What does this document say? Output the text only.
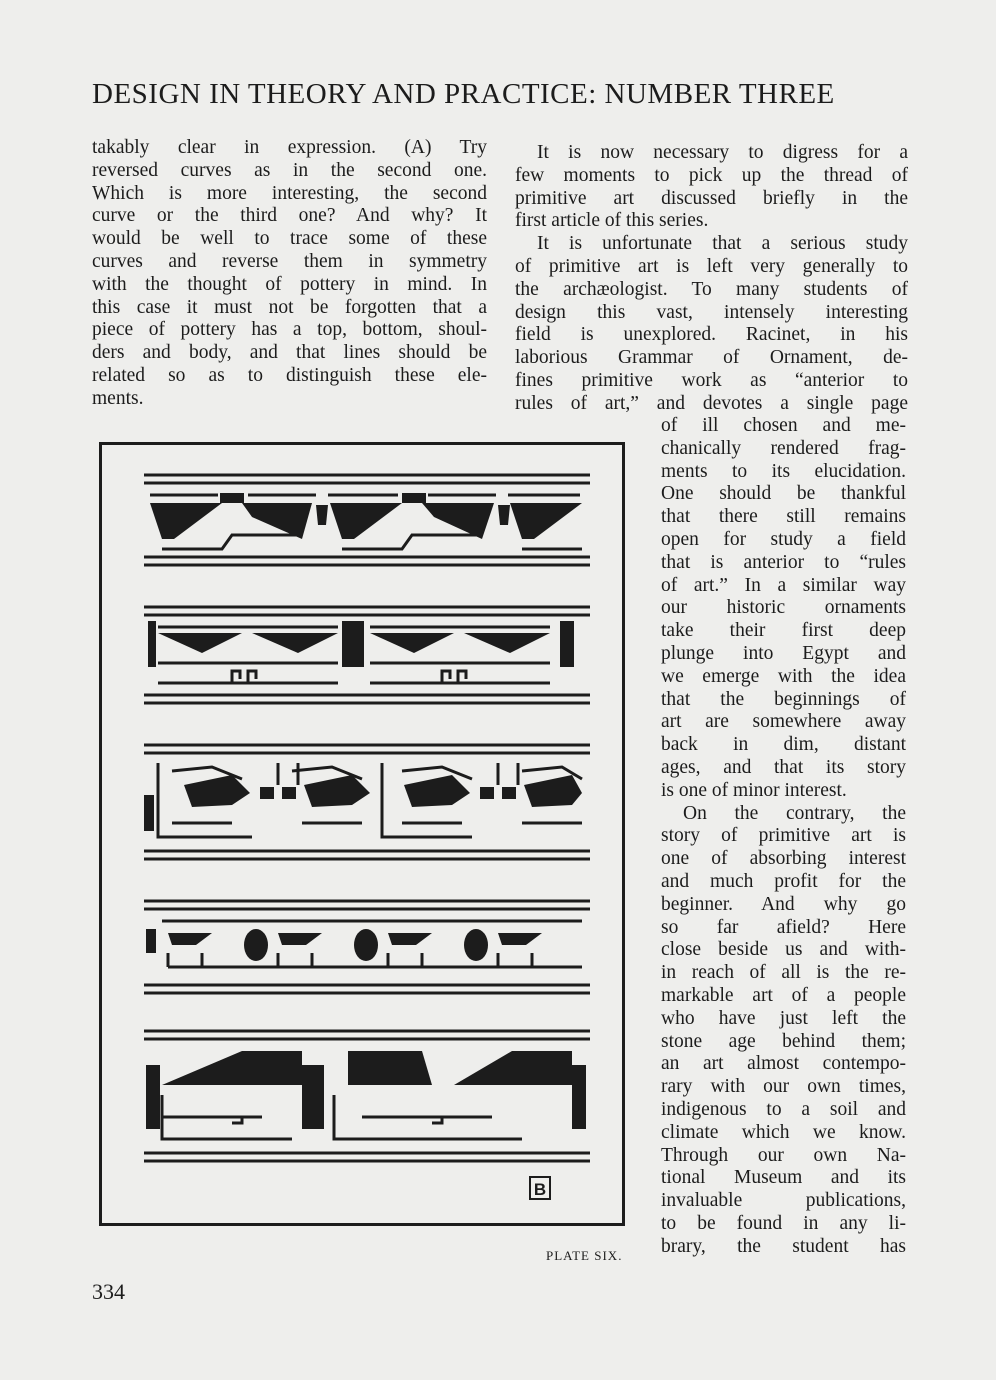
DESIGN IN THEORY AND PRACTICE: NUMBER THREE

takably clear in expression. (A) Try

reversed curves as in the second one.

Which is more interesting, the second

curve or the third one? And why? It

would be well to trace some of these

curves and reverse them in symmetry

with the thought of pottery in mind. In

this case it must not be forgotten that a

piece of pottery has a top, bottom, shoul-

ders and body, and that lines should be

related so as to distinguish these ele-

ments.

It is now necessary to digress for a

few moments to pick up the thread of

primitive art discussed briefly in the

first article of this series.

It is unfortunate that a serious study

of primitive art is left very generally to

the archæologist. To many students of

design this vast, intensely interesting

field is unexplored. Racinet, in his

laborious Grammar of Ornament, de-

fines primitive work as “anterior to

rules of art,” and devotes a single page

of ill chosen and me-

chanically rendered frag-

ments to its elucidation.

One should be thankful

that there still remains

open for study a field

that is anterior to “rules

of art.” In a similar way

our historic ornaments

take their first deep

plunge into Egypt and

we emerge with the idea

that the beginnings of

art are somewhere away

back in dim, distant

ages, and that its story

is one of minor interest.

On the contrary, the

story of primitive art is

one of absorbing interest

and much profit for the

beginner. And why go

so far afield? Here

close beside us and with-

in reach of all is the re-

markable art of a people

who have just left the

stone age behind them;

an art almost contempo-

rary with our own times,

indigenous to a soil and

climate which we know.

Through our own Na-

tional Museum and its

invaluable publications,

to be found in any li-

brary, the student has

B
PLATE SIX.
334
